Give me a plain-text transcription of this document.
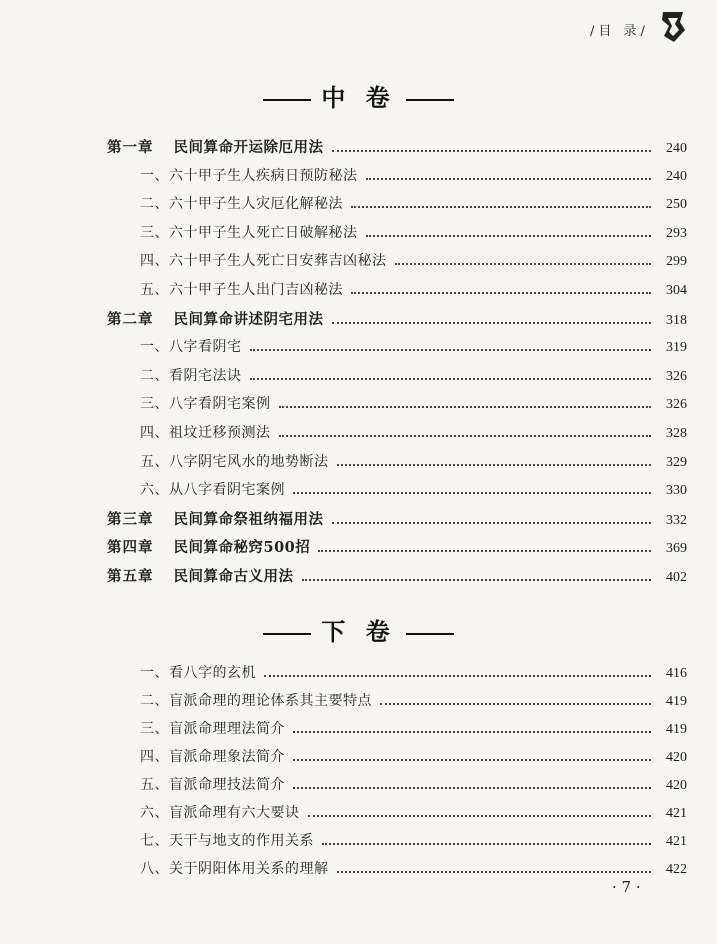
/目 录/
中 卷
第一章 民间算命开运除厄用法	240
一、六十甲子生人疾病日预防秘法	240
二、六十甲子生人灾厄化解秘法	250
三、六十甲子生人死亡日破解秘法	293
四、六十甲子生人死亡日安葬吉凶秘法	299
五、六十甲子生人出门吉凶秘法	304
第二章 民间算命讲述阴宅用法	318
一、八字看阴宅	319
二、看阴宅法诀	326
三、八字看阴宅案例	326
四、祖坟迁移预测法	328
五、八字阴宅风水的地势断法	329
六、从八字看阴宅案例	330
第三章 民间算命祭祖纳福用法	332
第四章 民间算命秘窍500招	369
第五章 民间算命古义用法	402
下 卷
一、看八字的玄机	416
二、盲派命理的理论体系其主要特点	419
三、盲派命理理法简介	419
四、盲派命理象法简介	420
五、盲派命理技法简介	420
六、盲派命理有六大要诀	421
七、天干与地支的作用关系	421
八、关于阴阳体用关系的理解	422
· 7 ·
